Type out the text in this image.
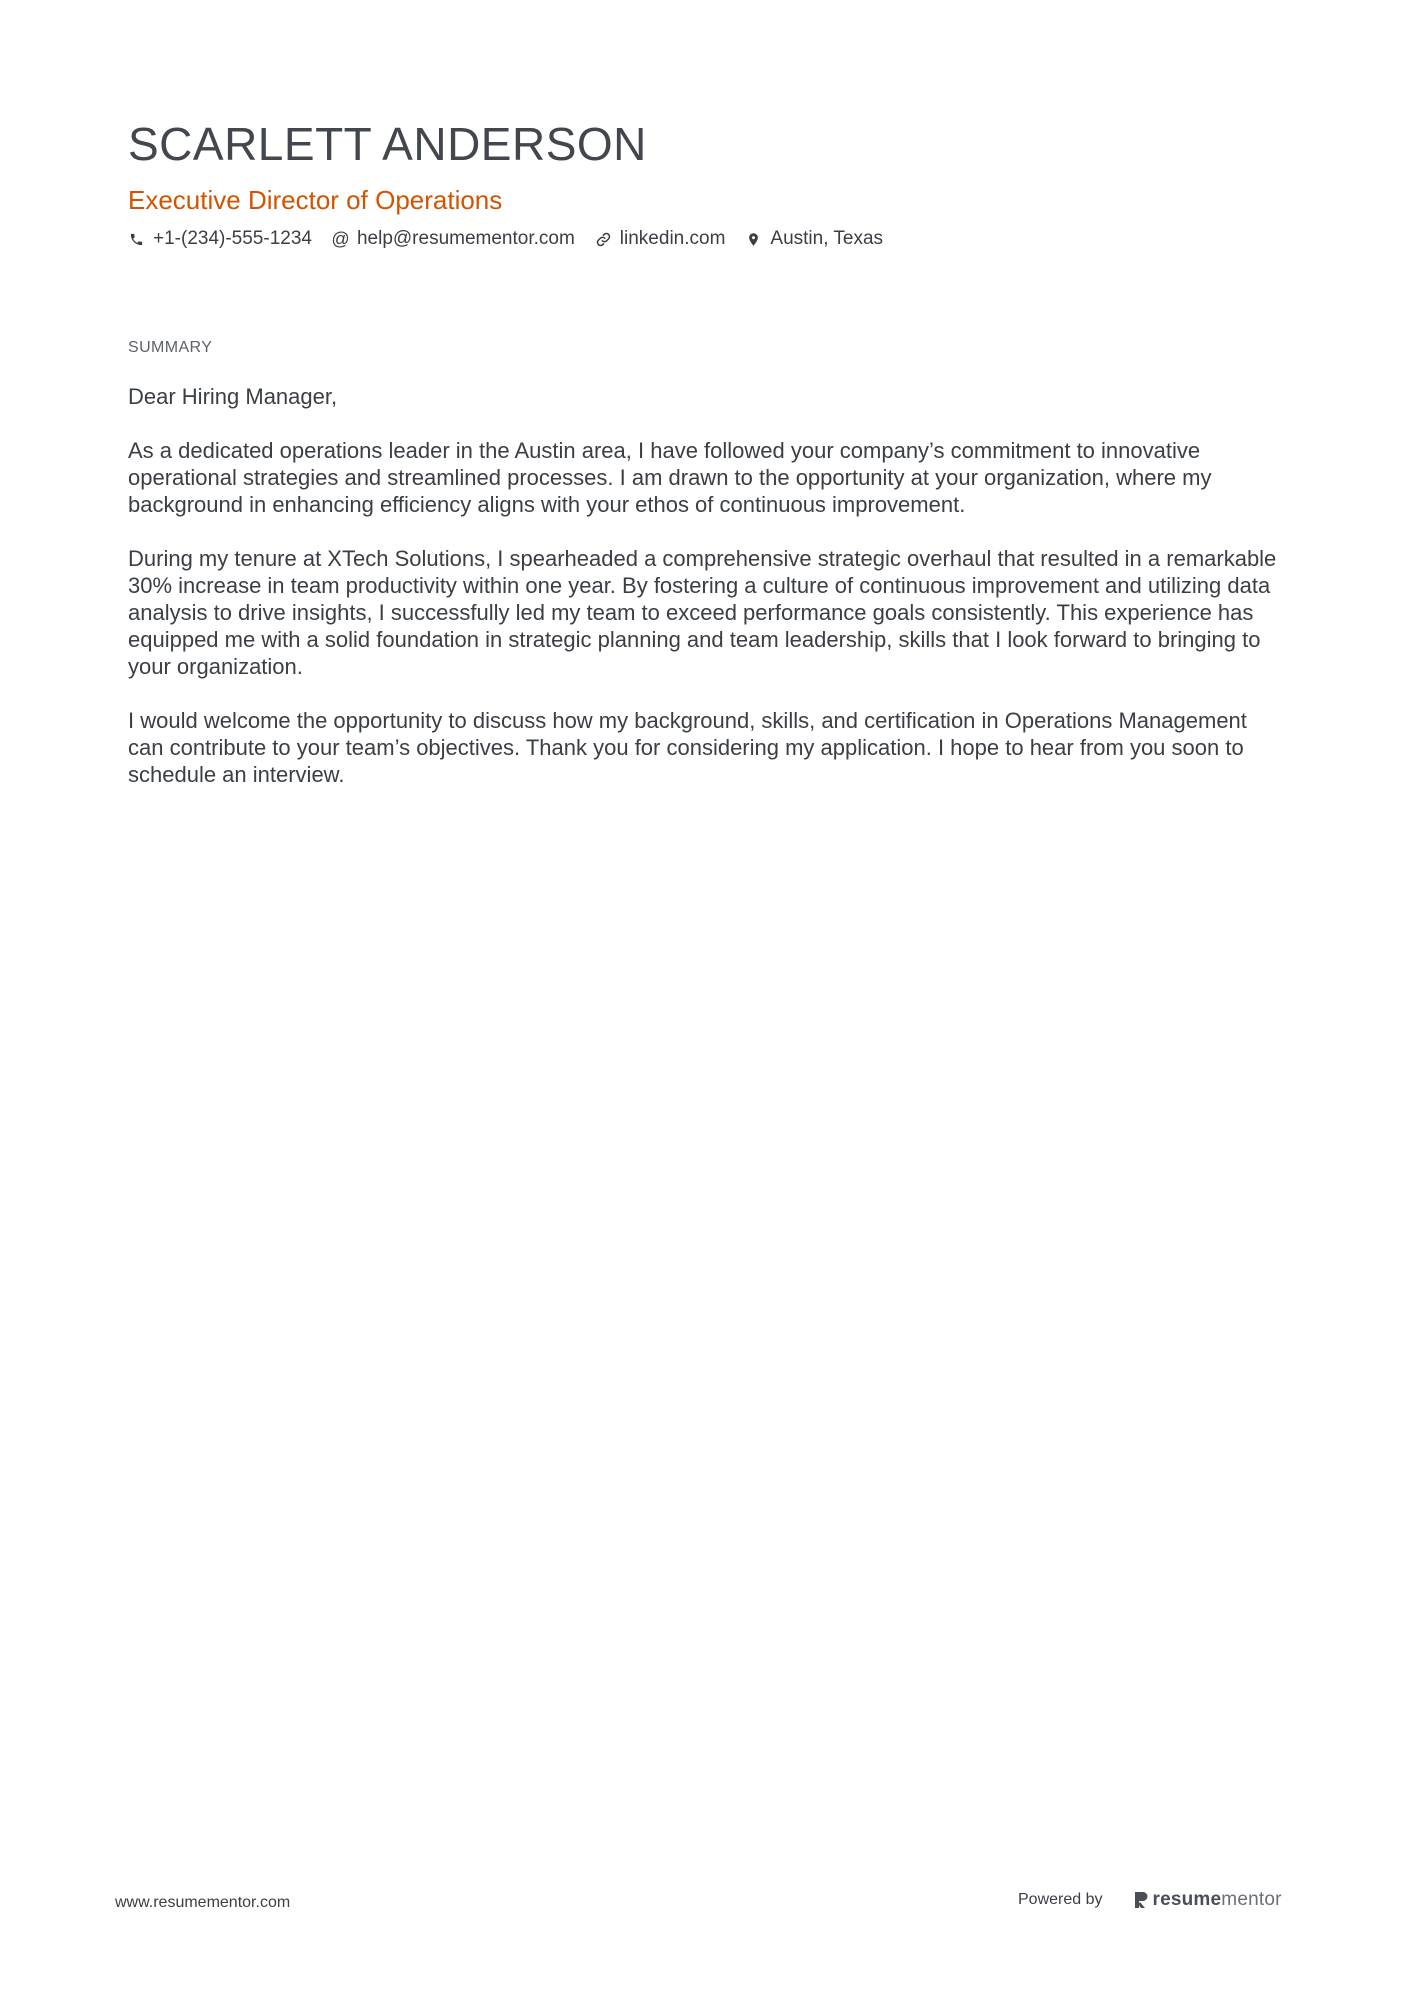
SCARLETT ANDERSON
Executive Director of Operations
+1-(234)-555-1234 @ help@resumementor.com linkedin.com Austin, Texas
SUMMARY

Dear Hiring Manager,

As a dedicated operations leader in the Austin area, I have followed your company’s commitment to innovative operational strategies and streamlined processes. I am drawn to the opportunity at your organization, where my background in enhancing efficiency aligns with your ethos of continuous improvement.

During my tenure at XTech Solutions, I spearheaded a comprehensive strategic overhaul that resulted in a remarkable 30% increase in team productivity within one year. By fostering a culture of continuous improvement and utilizing data analysis to drive insights, I successfully led my team to exceed performance goals consistently. This experience has equipped me with a solid foundation in strategic planning and team leadership, skills that I look forward to bringing to your organization.

I would welcome the opportunity to discuss how my background, skills, and certification in Operations Management can contribute to your team’s objectives. Thank you for considering my application. I hope to hear from you soon to schedule an interview.

www.resumementor.com	Powered by	resumementor
